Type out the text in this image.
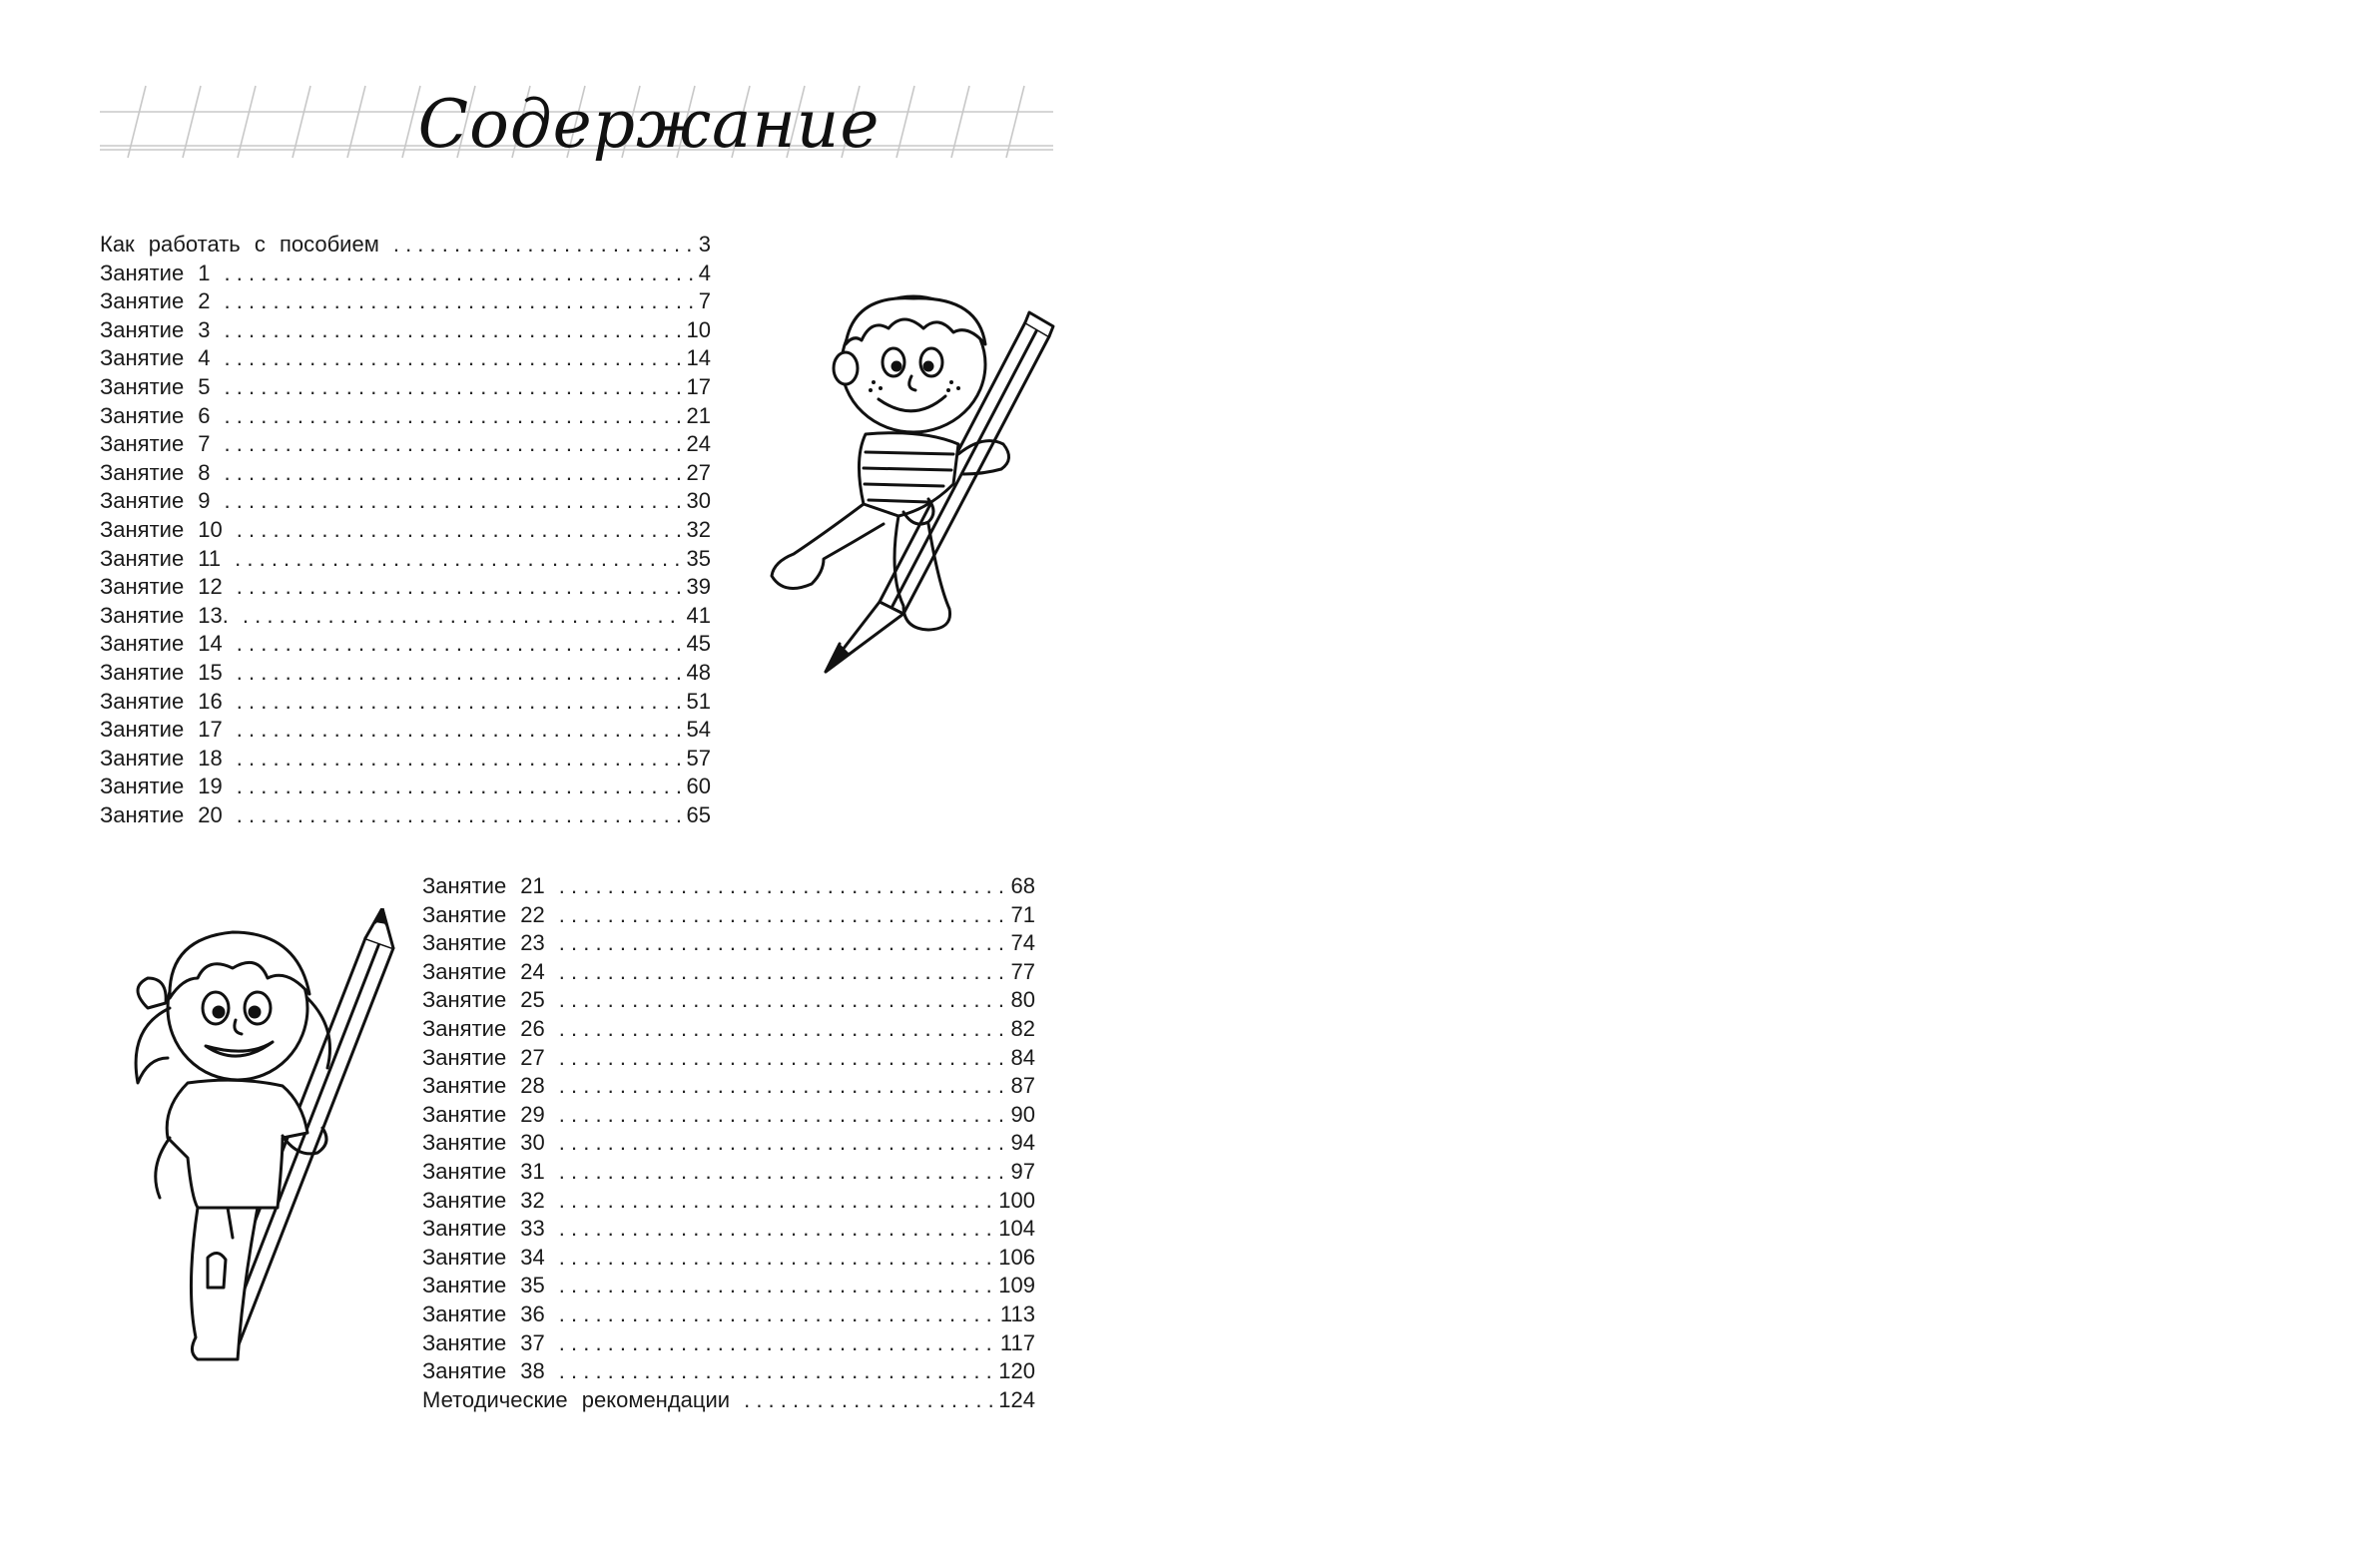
Содержание
Как работать с пособием . . .	3
Занятие 1 . . .	4
Занятие 2 . . .	7
Занятие 3 . . .	10
Занятие 4 . . .	14
Занятие 5 . . .	17
Занятие 6 . . .	21
Занятие 7 . . .	24
Занятие 8 . . .	27
Занятие 9 . . .	30
Занятие 10 . . .	32
Занятие 11 . . .	35
Занятие 12 . . .	39
Занятие 13. . . .	41
Занятие 14 . . .	45
Занятие 15 . . .	48
Занятие 16 . . .	51
Занятие 17 . . .	54
Занятие 18 . . .	57
Занятие 19 . . .	60
Занятие 20 . . .	65
Занятие 21 . . .	68
Занятие 22 . . .	71
Занятие 23 . . .	74
Занятие 24 . . .	77
Занятие 25 . . .	80
Занятие 26 . . .	82
Занятие 27 . . .	84
Занятие 28 . . .	87
Занятие 29 . . .	90
Занятие 30 . . .	94
Занятие 31 . . .	97
Занятие 32 . . .	100
Занятие 33 . . .	104
Занятие 34 . . .	106
Занятие 35 . . .	109
Занятие 36 . . .	113
Занятие 37 . . .	117
Занятие 38 . . .	120
Методические рекомендации . . .	124
